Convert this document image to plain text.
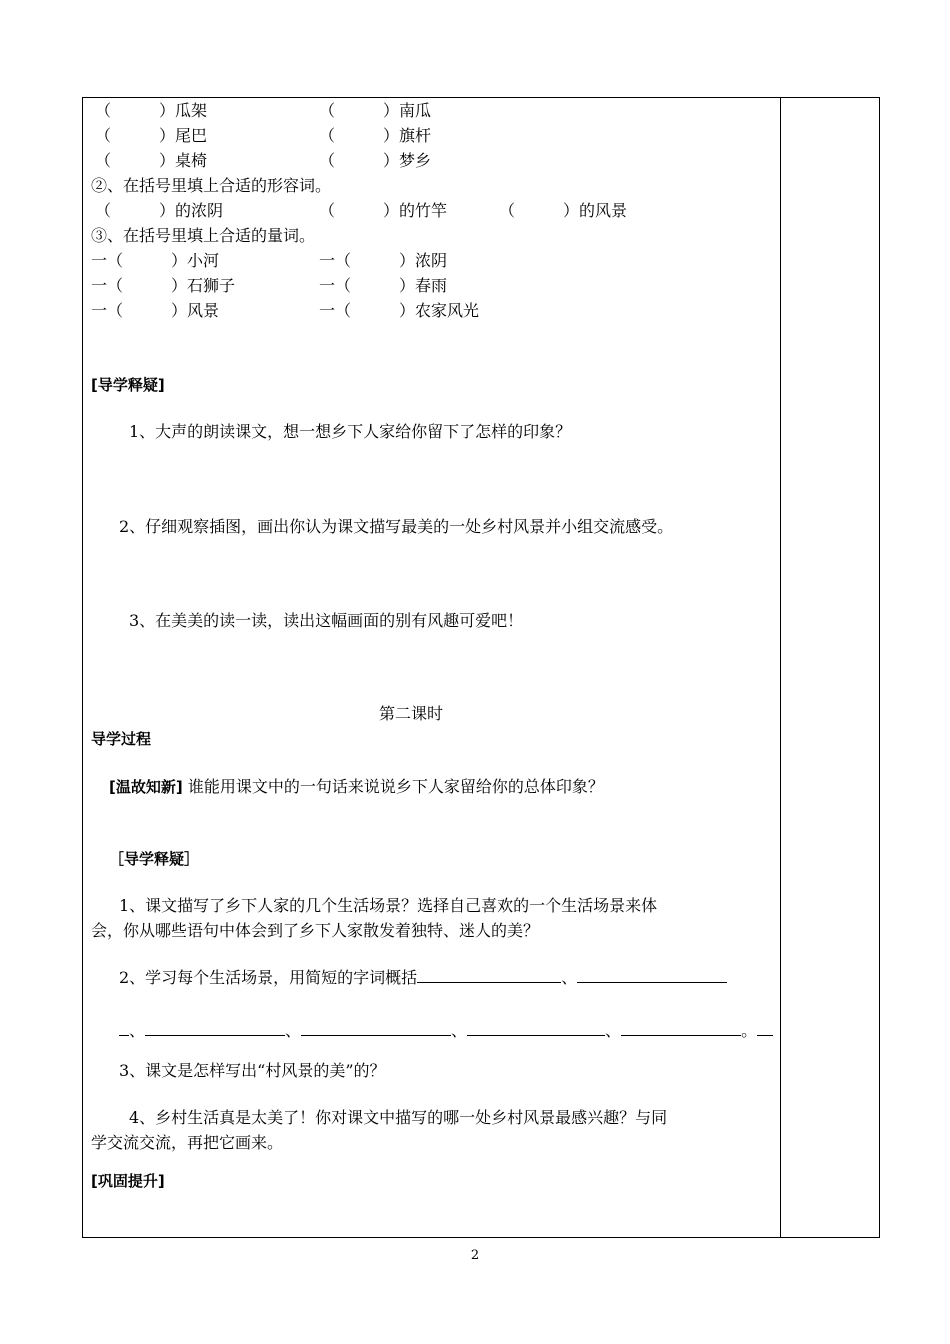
（　　　）瓜架	（　　　）南瓜
（　　　）尾巴	（　　　）旗杆
（　　　）桌椅	（　　　）梦乡
②、在括号里填上合适的形容词。
（　　　）的浓阴	（　　　）的竹竿	（　　　）的风景
③、在括号里填上合适的量词。
一（　　　）小河	一（　　　）浓阴
一（　　　）石狮子	一（　　　）春雨
一（　　　）风景	一（　　　）农家风光
[导学释疑]
1、大声的朗读课文，想一想乡下人家给你留下了怎样的印象？
2、仔细观察插图，画出你认为课文描写最美的一处乡村风景并小组交流感受。
3、在美美的读一读，读出这幅画面的别有风趣可爱吧！
第二课时
导学过程
[温故知新] 谁能用课文中的一句话来说说乡下人家留给你的总体印象？
［导学释疑］
1、课文描写了乡下人家的几个生活场景？选择自己喜欢的一个生活场景来体
会，你从哪些语句中体会到了乡下人家散发着独特、迷人的美？
2、学习每个生活场景，用简短的字词概括	、
、	、	、	、	。
3、课文是怎样写出“村风景的美”的？
4、乡村生活真是太美了！你对课文中描写的哪一处乡村风景最感兴趣？与同
学交流交流，再把它画来。
[巩固提升]
2
